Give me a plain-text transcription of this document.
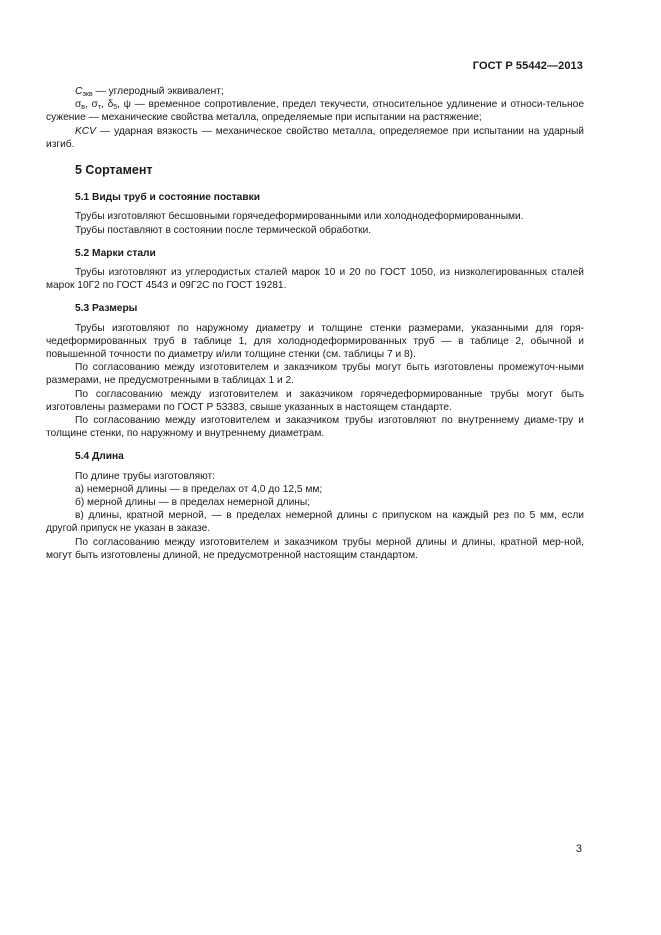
ГОСТ Р 55442—2013

$C_{экв}$ — углеродный эквивалент;

$\sigma_в$, $\sigma_т$, $\delta_5$, ψ — временное сопротивление, предел текучести, относительное удлинение и относи-тельное сужение — механические свойства металла, определяемые при испытании на растяжение;

KCV — ударная вязкость — механическое свойство металла, определяемое при испытании на ударный изгиб.

5 Сортамент
5.1 Виды труб и состояние поставки

Трубы изготовляют бесшовными горячедеформированными или холоднодеформированными.

Трубы поставляют в состоянии после термической обработки.

5.2 Марки стали

Трубы изготовляют из углеродистых сталей марок 10 и 20 по ГОСТ 1050, из низколегированных сталей марок 10Г2 по ГОСТ 4543 и 09Г2С по ГОСТ 19281.

5.3 Размеры

Трубы изготовляют по наружному диаметру и толщине стенки размерами, указанными для горя-чедеформированных труб в таблице 1, для холоднодеформированных труб — в таблице 2, обычной и повышенной точности по диаметру и/или толщине стенки (см. таблицы 7 и 8).

По согласованию между изготовителем и заказчиком трубы могут быть изготовлены промежуточ-ными размерами, не предусмотренными в таблицах 1 и 2.

По согласованию между изготовителем и заказчиком горячедеформированные трубы могут быть изготовлены размерами по ГОСТ Р 53383, свыше указанных в настоящем стандарте.

По согласованию между изготовителем и заказчиком трубы изготовляют по внутреннему диаме-тру и толщине стенки, по наружному и внутреннему диаметрам.

5.4 Длина

По длине трубы изготовляют:

а) немерной длины — в пределах от 4,0 до 12,5 мм;

б) мерной длины — в пределах немерной длины;

в) длины, кратной мерной, — в пределах немерной длины с припуском на каждый рез по 5 мм, если другой припуск не указан в заказе.

По согласованию между изготовителем и заказчиком трубы мерной длины и длины, кратной мер-ной, могут быть изготовлены длиной, не предусмотренной настоящим стандартом.

3
